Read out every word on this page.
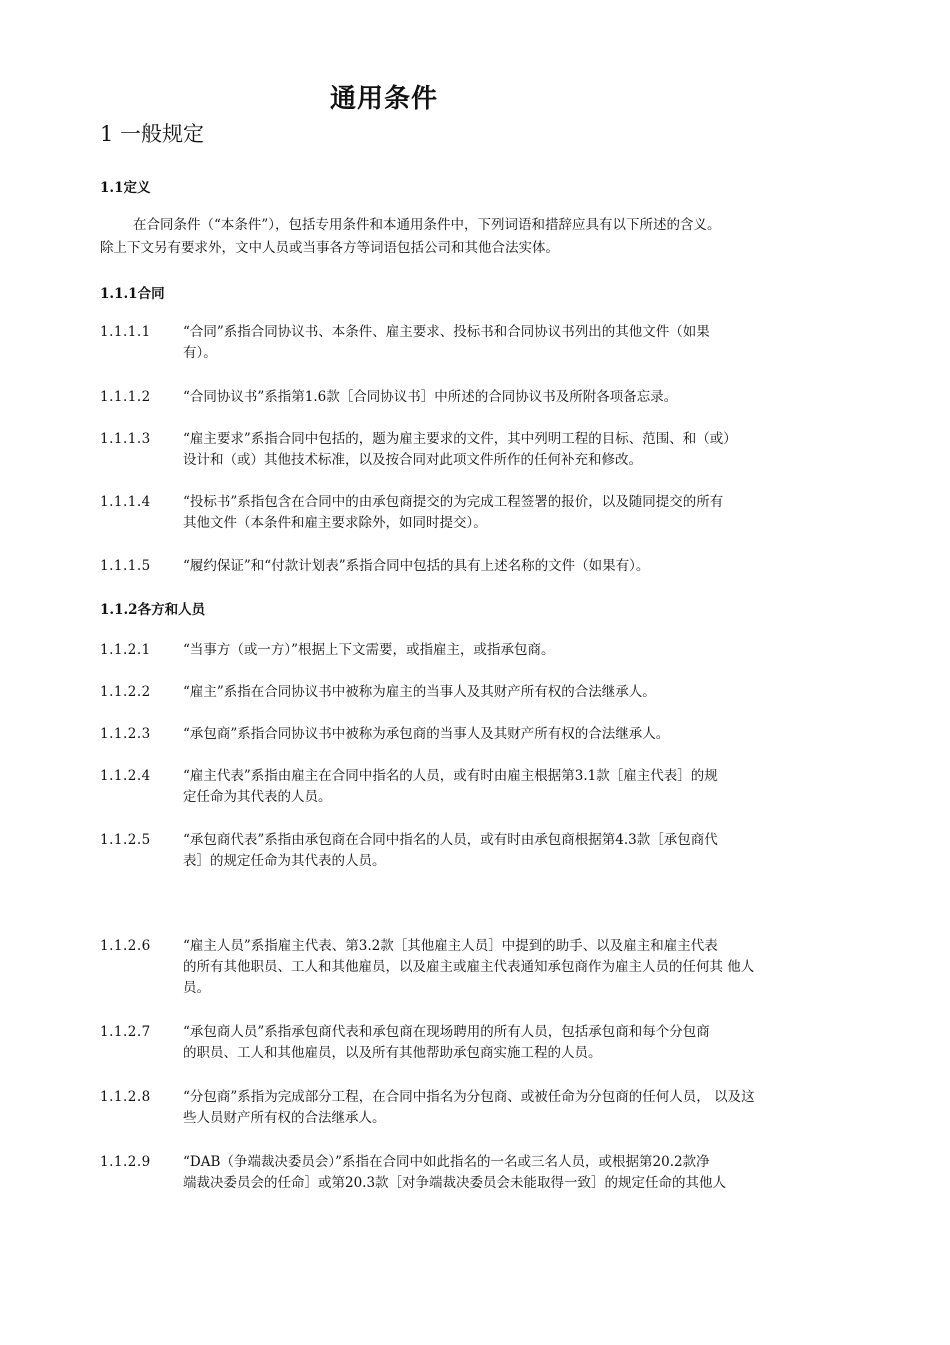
通用条件
1 一般规定
1.1定义
在合同条件（“本条件”），包括专用条件和本通用条件中，下列词语和措辞应具有以下所述的含义。
除上下文另有要求外，文中人员或当事各方等词语包括公司和其他合法实体。
1.1.1合同
1.1.2各方和人员
1.1.1.1	“合同”系指合同协议书、本条件、雇主要求、投标书和合同协议书列出的其他文件（如果
有）。
1.1.1.2	“合同协议书”系指第1.6款［合同协议书］中所述的合同协议书及所附各项备忘录。
1.1.1.3	“雇主要求”系指合同中包括的，题为雇主要求的文件，其中列明工程的目标、范围、和（或）
设计和（或）其他技术标准，以及按合同对此项文件所作的任何补充和修改。
1.1.1.4	“投标书”系指包含在合同中的由承包商提交的为完成工程签署的报价，以及随同提交的所有
其他文件（本条件和雇主要求除外，如同时提交）。
1.1.1.5	“履约保证”和“付款计划表”系指合同中包括的具有上述名称的文件（如果有）。
1.1.2.1	“当事方（或一方）”根据上下文需要，或指雇主，或指承包商。
1.1.2.2	“雇主”系指在合同协议书中被称为雇主的当事人及其财产所有权的合法继承人。
1.1.2.3	“承包商”系指合同协议书中被称为承包商的当事人及其财产所有权的合法继承人。
1.1.2.4	“雇主代表”系指由雇主在合同中指名的人员，或有时由雇主根据第3.1款［雇主代表］的规
定任命为其代表的人员。
1.1.2.5	“承包商代表”系指由承包商在合同中指名的人员，或有时由承包商根据第4.3款［承包商代
表］的规定任命为其代表的人员。
1.1.2.6	“雇主人员”系指雇主代表、第3.2款［其他雇主人员］中提到的助手、以及雇主和雇主代表
的所有其他职员、工人和其他雇员，以及雇主或雇主代表通知承包商作为雇主人员的任何其 他人
员。
1.1.2.7	“承包商人员”系指承包商代表和承包商在现场聘用的所有人员，包括承包商和每个分包商
的职员、工人和其他雇员，以及所有其他帮助承包商实施工程的人员。
1.1.2.8	“分包商”系指为完成部分工程，在合同中指名为分包商、或被任命为分包商的任何人员， 以及这
些人员财产所有权的合法继承人。
1.1.2.9	“DAB（争端裁决委员会）”系指在合同中如此指名的一名或三名人员，或根据第20.2款净
端裁决委员会的任命］或第20.3款［对争端裁决委员会未能取得一致］的规定任命的其他人
